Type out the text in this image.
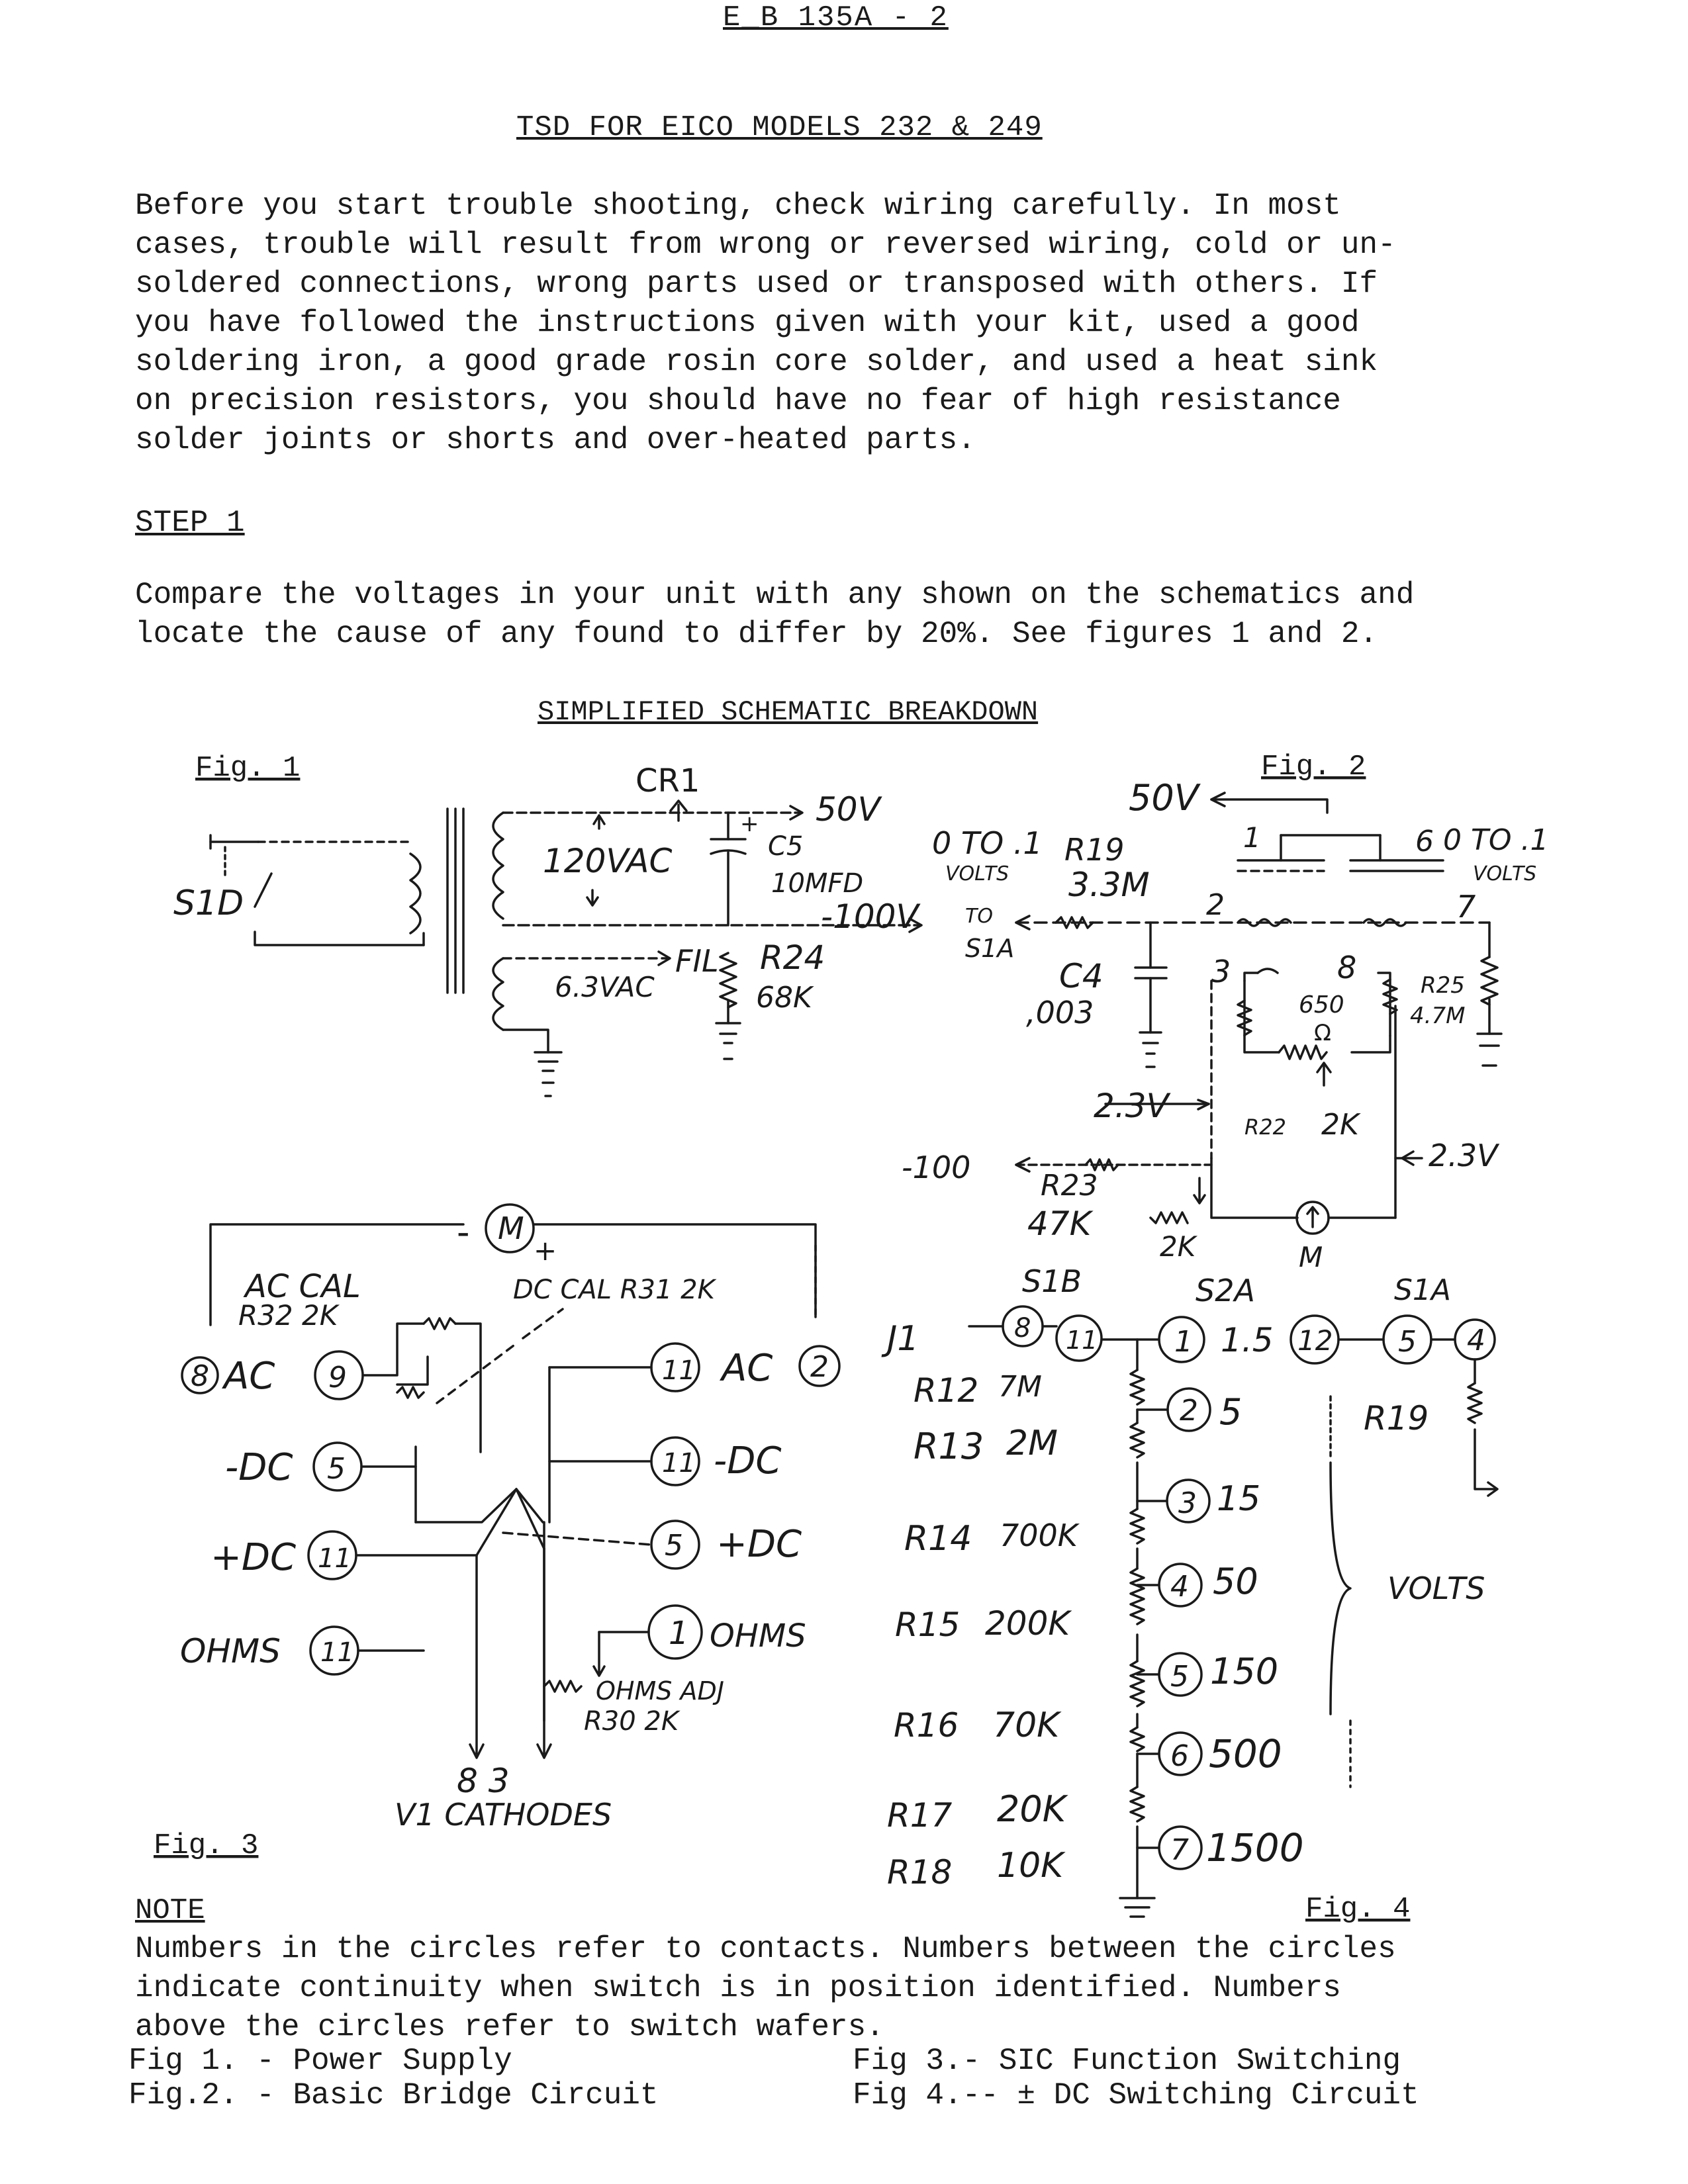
E_B 135A - 2
TSD FOR EICO MODELS 232 & 249
Before you start trouble shooting, check wiring carefully. In most
cases, trouble will result from wrong or reversed wiring, cold or un-
soldered connections, wrong parts used or transposed with others. If
you have followed the instructions given with your kit, used a good
soldering iron, a good grade rosin core solder, and used a heat sink
on precision resistors, you should have no fear of high resistance
solder joints or shorts and over-heated parts.
STEP 1
Compare the voltages in your unit with any shown on the schematics and
locate the cause of any found to differ by 20%. See figures 1 and 2.
SIMPLIFIED SCHEMATIC BREAKDOWN
Fig. 1	CR1
50V
120VAC
+
C5
10MFD
-100V
FIL
6.3VAC
R24
68K
S1D
Fig. 2
50V
0 TO .1
VOLTS
TO
S1A
R19
3.3M
C4
,003
1	6 0 TO .1
VOLTS
2	7
3	8
650
Ω
R22 2K
R25
4.7M
2.3V
2.3V
-100
R23
47K
2K	M
M
- +
AC CAL
R32 2K
DC CAL R31 2K
8 AC 9
-DC 5
+DC 11
OHMS 11
11 AC 2
11 -DC
5 +DC
1 OHMS
OHMS ADJ
R30 2K
8 3
V1 CATHODES
Fig. 3
S1B	S2A	S1A
J1	8 11	1 1.5 12 5 4
R19
VOLTS
R12 7M
2 5
R13 2M
3 15
R14 700K
4 50
R15 200K
5 150
R16 70K
6 500
R17 20K
7 1500
R18 10K
Fig. 4
NOTE
Numbers in the circles refer to contacts. Numbers between the circles
indicate continuity when switch is in position identified. Numbers
above the circles refer to switch wafers.
Fig 1. - Power Supply
Fig.2. - Basic Bridge Circuit
Fig 3.- SIC Function Switching
Fig 4.-- ± DC Switching Circuit
